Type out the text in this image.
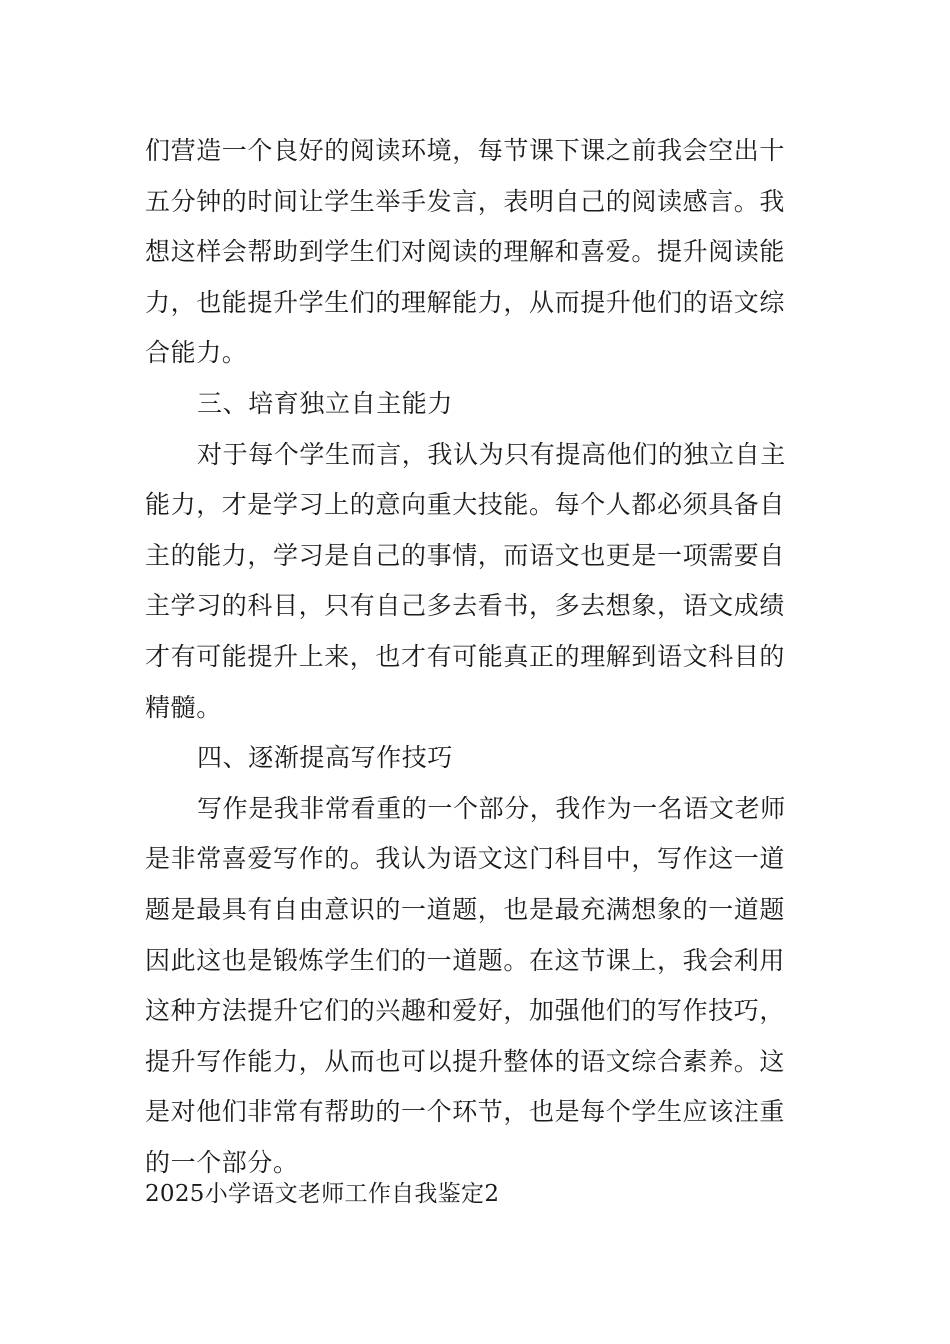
们营造一个良好的阅读环境，每节课下课之前我会空出十
五分钟的时间让学生举手发言，表明自己的阅读感言。我
想这样会帮助到学生们对阅读的理解和喜爱。提升阅读能
力，也能提升学生们的理解能力，从而提升他们的语文综
合能力。
三、培育独立自主能力
对于每个学生而言，我认为只有提高他们的独立自主
能力，才是学习上的意向重大技能。每个人都必须具备自
主的能力，学习是自己的事情，而语文也更是一项需要自
主学习的科目，只有自己多去看书，多去想象，语文成绩
才有可能提升上来，也才有可能真正的理解到语文科目的
精髓。
四、逐渐提高写作技巧
写作是我非常看重的一个部分，我作为一名语文老师
是非常喜爱写作的。我认为语文这门科目中，写作这一道
题是最具有自由意识的一道题，也是最充满想象的一道题
因此这也是锻炼学生们的一道题。在这节课上，我会利用
这种方法提升它们的兴趣和爱好，加强他们的写作技巧，
提升写作能力，从而也可以提升整体的语文综合素养。这
是对他们非常有帮助的一个环节，也是每个学生应该注重
的一个部分。
2025小学语文老师工作自我鉴定2
